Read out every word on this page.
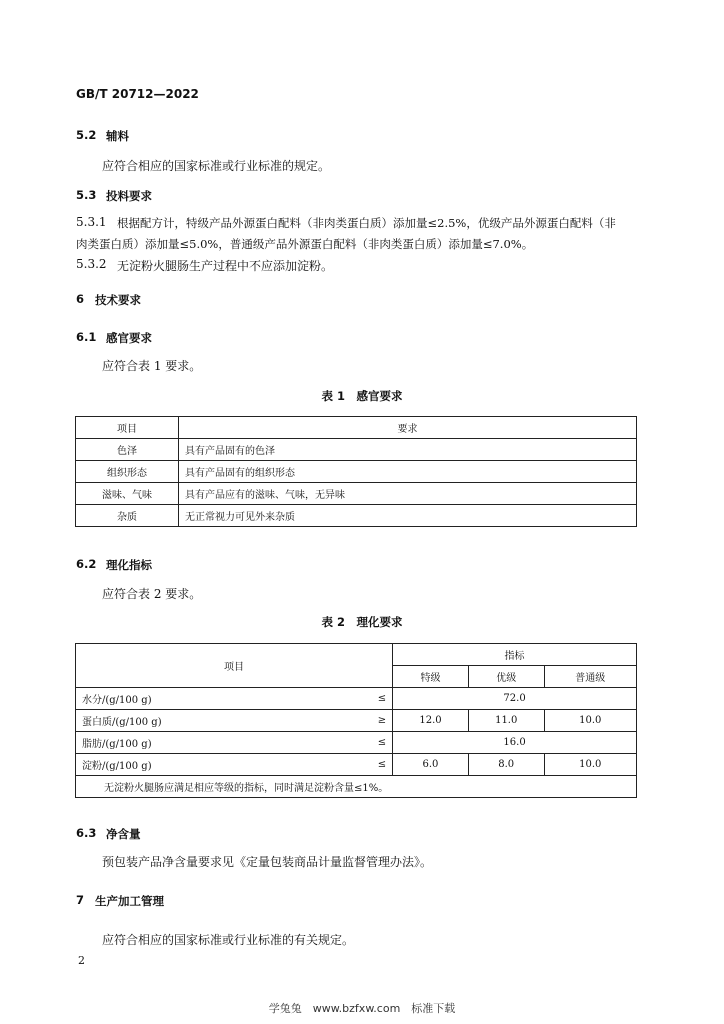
GB/T 20712—2022
5.2 辅料
应符合相应的国家标准或行业标准的规定。
5.3 投料要求
5.3.1 根据配方计，特级产品外源蛋白配料（非肉类蛋白质）添加量≤2.5%，优级产品外源蛋白配料（非
肉类蛋白质）添加量≤5.0%，普通级产品外源蛋白配料（非肉类蛋白质）添加量≤7.0%。
5.3.2 无淀粉火腿肠生产过程中不应添加淀粉。
6 技术要求
6.1 感官要求
应符合表 1 要求。
表 1　感官要求
项目	要求
色泽	具有产品固有的色泽
组织形态	具有产品固有的组织形态
滋味、气味	具有产品应有的滋味、气味，无异味
杂质	无正常视力可见外来杂质
6.2 理化指标
应符合表 2 要求。
表 2　理化要求
项目		指标		
		特级	优级	普通级
水分/(g/100 g)	≤	72.0		
蛋白质/(g/100 g)	≥	12.0	11.0	10.0
脂肪/(g/100 g)	≤	16.0		
淀粉/(g/100 g)	≤	6.0	8.0	10.0
无淀粉火腿肠应满足相应等级的指标，同时满足淀粉含量≤1%。				
6.3 净含量
预包装产品净含量要求见《定量包装商品计量监督管理办法》。
7 生产加工管理
应符合相应的国家标准或行业标准的有关规定。
2
学兔兔　www.bzfxw.com　标准下载
